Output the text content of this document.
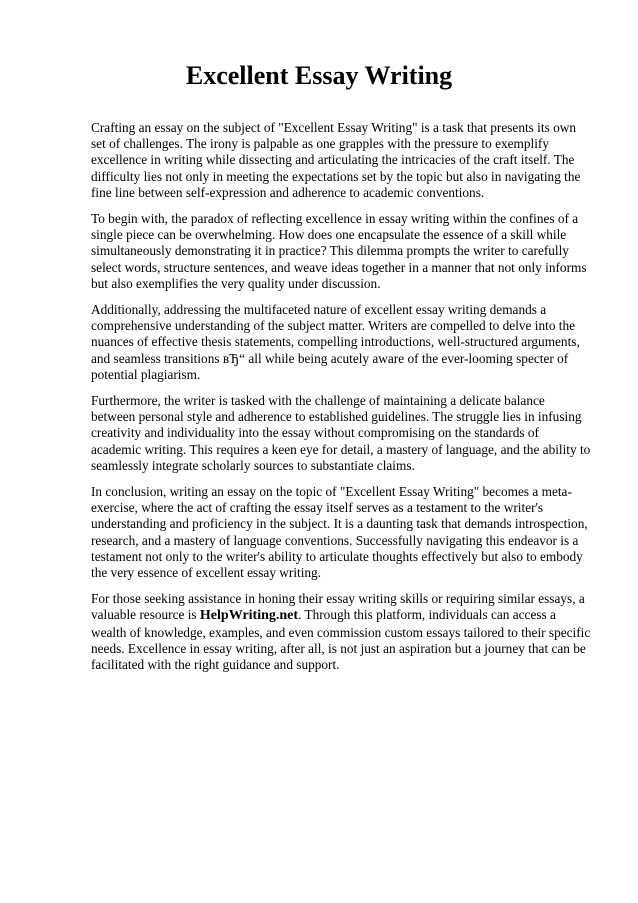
Excellent Essay Writing

Crafting an essay on the subject of "Excellent Essay Writing" is a task that presents its own set of challenges. The irony is palpable as one grapples with the pressure to exemplify excellence in writing while dissecting and articulating the intricacies of the craft itself. The difficulty lies not only in meeting the expectations set by the topic but also in navigating the fine line between self-expression and adherence to academic conventions.

To begin with, the paradox of reflecting excellence in essay writing within the confines of a single piece can be overwhelming. How does one encapsulate the essence of a skill while simultaneously demonstrating it in practice? This dilemma prompts the writer to carefully select words, structure sentences, and weave ideas together in a manner that not only informs but also exemplifies the very quality under discussion.

Additionally, addressing the multifaceted nature of excellent essay writing demands a comprehensive understanding of the subject matter. Writers are compelled to delve into the nuances of effective thesis statements, compelling introductions, well-structured arguments, and seamless transitions вЂ“ all while being acutely aware of the ever-looming specter of potential plagiarism.

Furthermore, the writer is tasked with the challenge of maintaining a delicate balance between personal style and adherence to established guidelines. The struggle lies in infusing creativity and individuality into the essay without compromising on the standards of academic writing. This requires a keen eye for detail, a mastery of language, and the ability to seamlessly integrate scholarly sources to substantiate claims.

In conclusion, writing an essay on the topic of "Excellent Essay Writing" becomes a meta-exercise, where the act of crafting the essay itself serves as a testament to the writer's understanding and proficiency in the subject. It is a daunting task that demands introspection, research, and a mastery of language conventions. Successfully navigating this endeavor is a testament not only to the writer's ability to articulate thoughts effectively but also to embody the very essence of excellent essay writing.

For those seeking assistance in honing their essay writing skills or requiring similar essays, a valuable resource is HelpWriting.net. Through this platform, individuals can access a wealth of knowledge, examples, and even commission custom essays tailored to their specific needs. Excellence in essay writing, after all, is not just an aspiration but a journey that can be facilitated with the right guidance and support.
